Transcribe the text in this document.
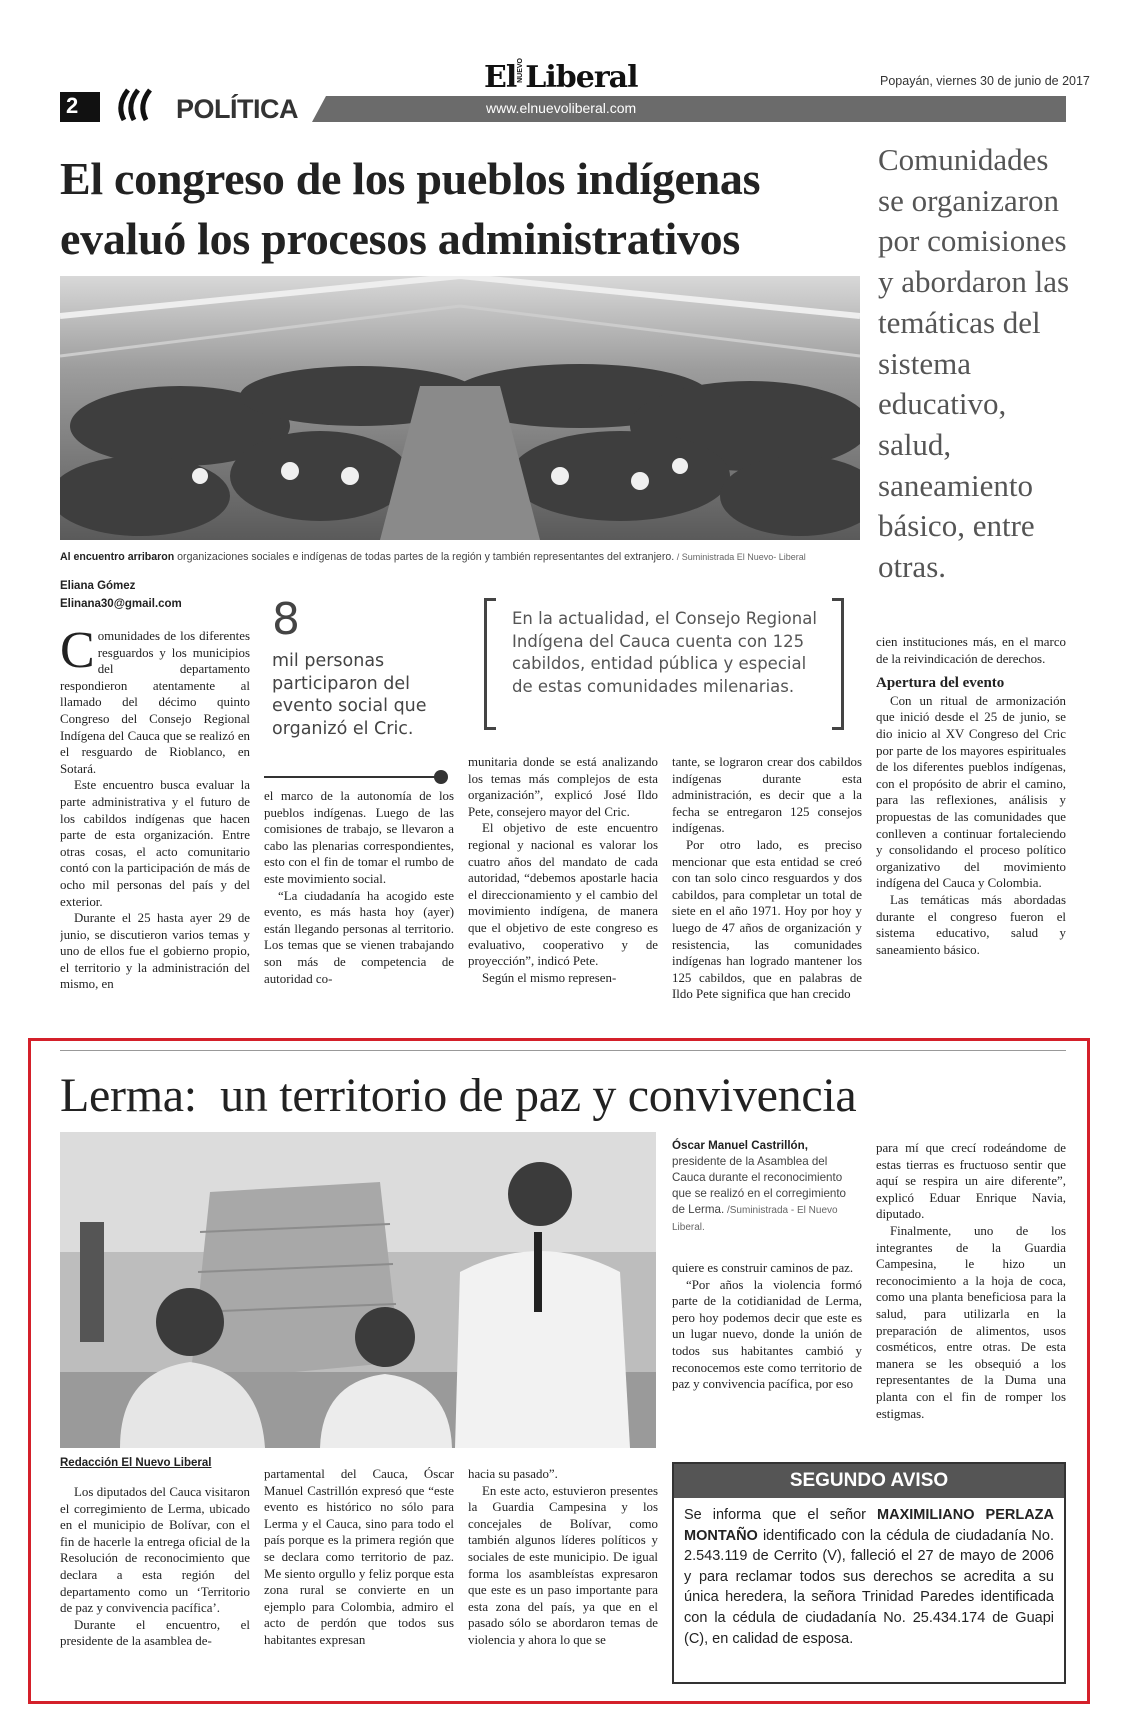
2	POLÍTICA	www.elnuevoliberal.com
ElNUEVOLiberal	Popayán, viernes 30 de junio de 2017
El congreso de los pueblos indígenas
evaluó los procesos administrativos
Comunidades se organizaron por comisiones y abordaron las temáticas del sistema educativo, salud, saneamiento básico, entre otras.
Al encuentro arribaron organizaciones sociales e indígenas de todas partes de la región y también representantes del extranjero. / Suministrada El Nuevo- Liberal
Eliana Gómez
Elinana30@gmail.com

Comunidades de los diferentes resguardos y los municipios del departamento respondieron atentamente al llamado del décimo quinto Congreso del Consejo Regional Indígena del Cauca que se realizó en el resguardo de Rioblanco, en Sotará.

Este encuentro busca evaluar la parte administrativa y el futuro de los cabildos indígenas que hacen parte de esta organización. Entre otras cosas, el acto comunitario contó con la participación de más de ocho mil personas del país y del exterior.

Durante el 25 hasta ayer 29 de junio, se discutieron varios temas y uno de ellos fue el gobierno propio, el territorio y la administración del mismo, en

8
mil personas participaron del evento social que organizó el Cric.
En la actualidad, el Consejo Regional Indígena del Cauca cuenta con 125 cabildos, entidad pública y especial de estas comunidades milenarias.

el marco de la autonomía de los pueblos indígenas. Luego de las comisiones de trabajo, se llevaron a cabo las plenarias correspondientes, esto con el fin de tomar el rumbo de este movimiento social.

“La ciudadanía ha acogido este evento, es más hasta hoy (ayer) están llegando personas al territorio. Los temas que se vienen trabajando son más de competencia de autoridad co-

munitaria donde se está analizando los temas más complejos de esta organización”, explicó José Ildo Pete, consejero mayor del Cric.

El objetivo de este encuentro regional y nacional es valorar los cuatro años del mandato de cada autoridad, “debemos apostarle hacia el direccionamiento y el cambio del movimiento indígena, de manera que el objetivo de este congreso es evaluativo, cooperativo y de proyección”, indicó Pete.

Según el mismo represen-

tante, se lograron crear dos cabildos indígenas durante esta administración, es decir que a la fecha se entregaron 125 consejos indígenas.

Por otro lado, es preciso mencionar que esta entidad se creó con tan solo cinco resguardos y dos cabildos, para completar un total de siete en el año 1971. Hoy por hoy y luego de 47 años de organización y resistencia, las comunidades indígenas han logrado mantener los 125 cabildos, que en palabras de Ildo Pete significa que han crecido

cien instituciones más, en el marco de la reivindicación de derechos.

Apertura del evento

Con un ritual de armonización que inició desde el 25 de junio, se dio inicio al XV Congreso del Cric por parte de los mayores espirituales de los diferentes pueblos indígenas, con el propósito de abrir el camino, para las reflexiones, análisis y propuestas de las comunidades que conlleven a continuar fortaleciendo y consolidando el proceso político organizativo del movimiento indígena del Cauca y Colombia.

Las temáticas más abordadas durante el congreso fueron el sistema educativo, salud y saneamiento básico.

Lerma:  un territorio de paz y convivencia
Óscar Manuel Castrillón, presidente de la Asamblea del Cauca durante el reconocimiento que se realizó en el corregimiento de Lerma. /Suministrada - El Nuevo Liberal.
Redacción El Nuevo Liberal

Los diputados del Cauca visitaron el corregimiento de Lerma, ubicado en el municipio de Bolívar, con el fin de hacerle la entrega oficial de la Resolución de reconocimiento que declara a esta región del departamento como un ‘Territorio de paz y convivencia pacífica’.

Durante el encuentro, el presidente de la asamblea de-

partamental del Cauca, Óscar Manuel Castrillón expresó que “este evento es histórico no sólo para Lerma y el Cauca, sino para todo el país porque es la primera región que se declara como territorio de paz. Me siento orgullo y feliz porque esta zona rural se convierte en un ejemplo para Colombia, admiro el acto de perdón que todos sus habitantes expresan

hacia su pasado”.

En este acto, estuvieron presentes la Guardia Campesina y los concejales de Bolívar, como también algunos líderes políticos y sociales de este municipio. De igual forma los asambleístas expresaron que este es un paso importante para esta zona del país, ya que en el pasado sólo se abordaron temas de violencia y ahora lo que se

quiere es construir caminos de paz.

“Por años la violencia formó parte de la cotidianidad de Lerma, pero hoy podemos decir que este es un lugar nuevo, donde la unión de todos sus habitantes cambió y reconocemos este como territorio de paz y convivencia pacífica, por eso

para mí que crecí rodeándome de estas tierras es fructuoso sentir que aquí se respira un aire diferente”, explicó Eduar Enrique Navia, diputado.

Finalmente, uno de los integrantes de la Guardia Campesina, le hizo un reconocimiento a la hoja de coca, como una planta beneficiosa para la salud, para utilizarla en la preparación de alimentos, usos cosméticos, entre otras. De esta manera se les obsequió a los representantes de la Duma una planta con el fin de romper los estigmas.

SEGUNDO AVISO
Se informa que el señor MAXIMILIANO PERLAZA MONTAÑO identificado con la cédula de ciudadanía No. 2.543.119 de Cerrito (V), falleció el 27 de mayo de 2006 y para reclamar todos sus derechos se acredita a su única heredera, la señora Trinidad Paredes identificada con la cédula de ciudadanía No. 25.434.174 de Guapi (C), en calidad de esposa.
